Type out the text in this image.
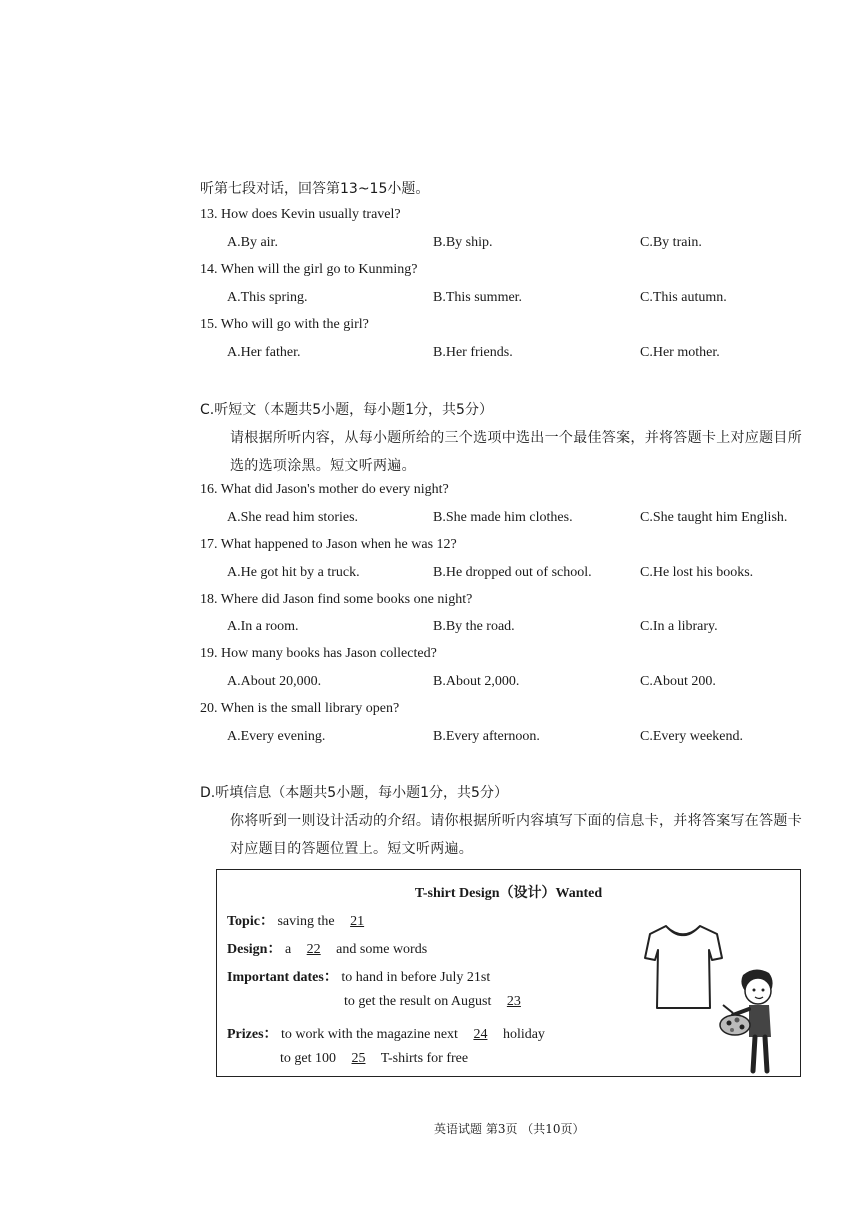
听第七段对话，回答第13~15小题。
13. How does Kevin usually travel?
A.By air.	B.By ship.	C.By train.
14. When will the girl go to Kunming?
A.This spring.	B.This summer.	C.This autumn.
15. Who will go with the girl?
A.Her father.	B.Her friends.	C.Her mother.
C.听短文（本题共5小题，每小题1分，共5分）
请根据所听内容，从每小题所给的三个选项中选出一个最佳答案，并将答题卡上对应题目所
选的选项涂黑。短文听两遍。
16. What did Jason's mother do every night?
A.She read him stories.	B.She made him clothes.	C.She taught him English.
17. What happened to Jason when he was 12?
A.He got hit by a truck.	B.He dropped out of school.	C.He lost his books.
18. Where did Jason find some books one night?
A.In a room.	B.By the road.	C.In a library.
19. How many books has Jason collected?
A.About 20,000.	B.About 2,000.	C.About 200.
20. When is the small library open?
A.Every evening.	B.Every afternoon.	C.Every weekend.
D.听填信息（本题共5小题，每小题1分，共5分）
你将听到一则设计活动的介绍。请你根据所听内容填写下面的信息卡，并将答案写在答题卡
对应题目的答题位置上。短文听两遍。
T-shirt Design（设计）Wanted
Topic： saving the 21
Design： a 22 and some words
Important dates： to hand in before July 21st
to get the result on August 23
Prizes： to work with the magazine next 24 holiday
to get 100 25 T-shirts for free
英语试题 第3页 （共10页）
